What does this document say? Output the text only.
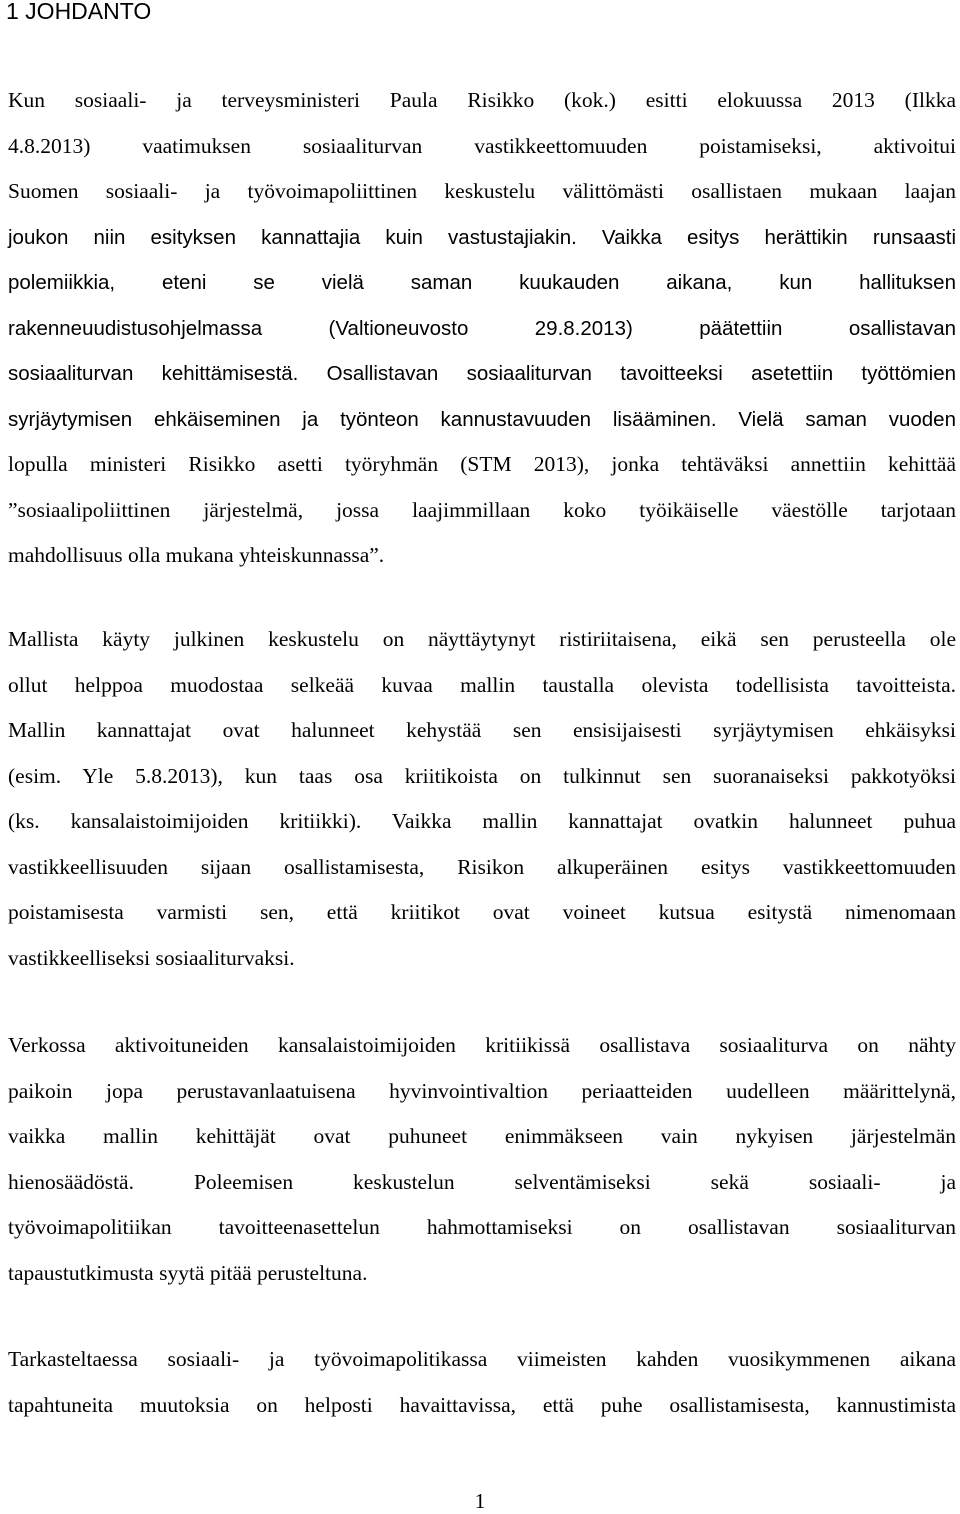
1 JOHDANTO
Kun sosiaali- ja terveysministeri Paula Risikko (kok.) esitti elokuussa 2013 (Ilkka
4.8.2013) vaatimuksen sosiaaliturvan vastikkeettomuuden poistamiseksi, aktivoitui
Suomen sosiaali- ja työvoimapoliittinen keskustelu välittömästi osallistaen mukaan laajan
joukon niin esityksen kannattajia kuin vastustajiakin. Vaikka esitys herättikin runsaasti
polemiikkia, eteni se vielä saman kuukauden aikana, kun hallituksen
rakenneuudistusohjelmassa (Valtioneuvosto 29.8.2013) päätettiin osallistavan
sosiaaliturvan kehittämisestä. Osallistavan sosiaaliturvan tavoitteeksi asetettiin työttömien
syrjäytymisen ehkäiseminen ja työnteon kannustavuuden lisääminen. Vielä saman vuoden
lopulla ministeri Risikko asetti työryhmän (STM 2013), jonka tehtäväksi annettiin kehittää
”sosiaalipoliittinen järjestelmä, jossa laajimmillaan koko työikäiselle väestölle tarjotaan
mahdollisuus olla mukana yhteiskunnassa”.
Mallista käyty julkinen keskustelu on näyttäytynyt ristiriitaisena, eikä sen perusteella ole
ollut helppoa muodostaa selkeää kuvaa mallin taustalla olevista todellisista tavoitteista.
Mallin kannattajat ovat halunneet kehystää sen ensisijaisesti syrjäytymisen ehkäisyksi
(esim. Yle 5.8.2013), kun taas osa kriitikoista on tulkinnut sen suoranaiseksi pakkotyöksi
(ks. kansalaistoimijoiden kritiikki). Vaikka mallin kannattajat ovatkin halunneet puhua
vastikkeellisuuden sijaan osallistamisesta, Risikon alkuperäinen esitys vastikkeettomuuden
poistamisesta varmisti sen, että kriitikot ovat voineet kutsua esitystä nimenomaan
vastikkeelliseksi sosiaaliturvaksi.
Verkossa aktivoituneiden kansalaistoimijoiden kritiikissä osallistava sosiaaliturva on nähty
paikoin jopa perustavanlaatuisena hyvinvointivaltion periaatteiden uudelleen määrittelynä,
vaikka mallin kehittäjät ovat puhuneet enimmäkseen vain nykyisen järjestelmän
hienosäädöstä. Poleemisen keskustelun selventämiseksi sekä sosiaali- ja
työvoimapolitiikan tavoitteenasettelun hahmottamiseksi on osallistavan sosiaaliturvan
tapaustutkimusta syytä pitää perusteltuna.
Tarkasteltaessa sosiaali- ja työvoimapolitikassa viimeisten kahden vuosikymmenen aikana
tapahtuneita muutoksia on helposti havaittavissa, että puhe osallistamisesta, kannustimista
1
